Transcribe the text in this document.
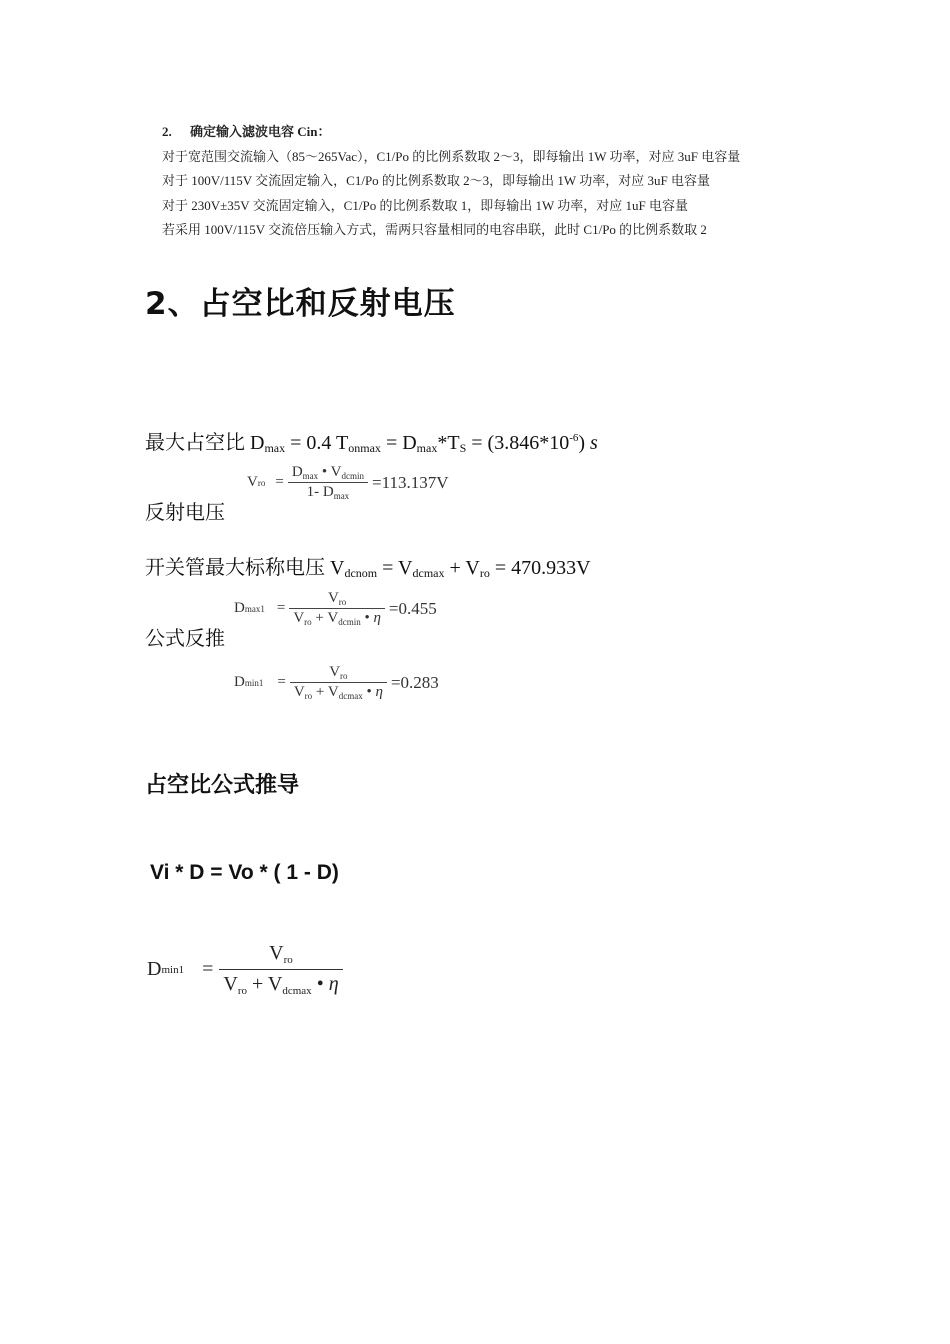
2. 确定输入滤波电容 Cin：
对于宽范围交流输入（85～265Vac），C1/Po 的比例系数取 2～3，即每输出 1W 功率，对应 3uF 电容量
对于 100V/115V 交流固定输入，C1/Po 的比例系数取 2～3，即每输出 1W 功率，对应 3uF 电容量
对于 230V±35V 交流固定输入，C1/Po 的比例系数取 1，即每输出 1W 功率，对应 1uF 电容量
若采用 100V/115V 交流倍压输入方式，需两只容量相同的电容串联，此时 C1/Po 的比例系数取 2
2、占空比和反射电压
最大占空比 $D_{max} = 0.4$ $T_{onmax} = D_{max}*T_S = (3.846*10^{-6})$ s
反射电压
V ro = $\frac{D_{max} • V_{dcmin}}{1- D_{max}} =113.137V$
开关管最大标称电压 $V_{dcnom} = V_{dcmax} + V_{ro} = 470.933V$
公式反推
D $\max 1 = \frac{V_{ro}}{V_{ro} + V_{dcmin} • \eta} =0.455$
D $\min 1 = \frac{V_{ro}}{V_{ro} + V_{dcmax} • \eta} =0.283$
占空比公式推导
Vi * D = Vo * ( 1 - D)
D $\min 1 = \frac{V_{ro}}{V_{ro} + V_{dcmax} • \eta}$
